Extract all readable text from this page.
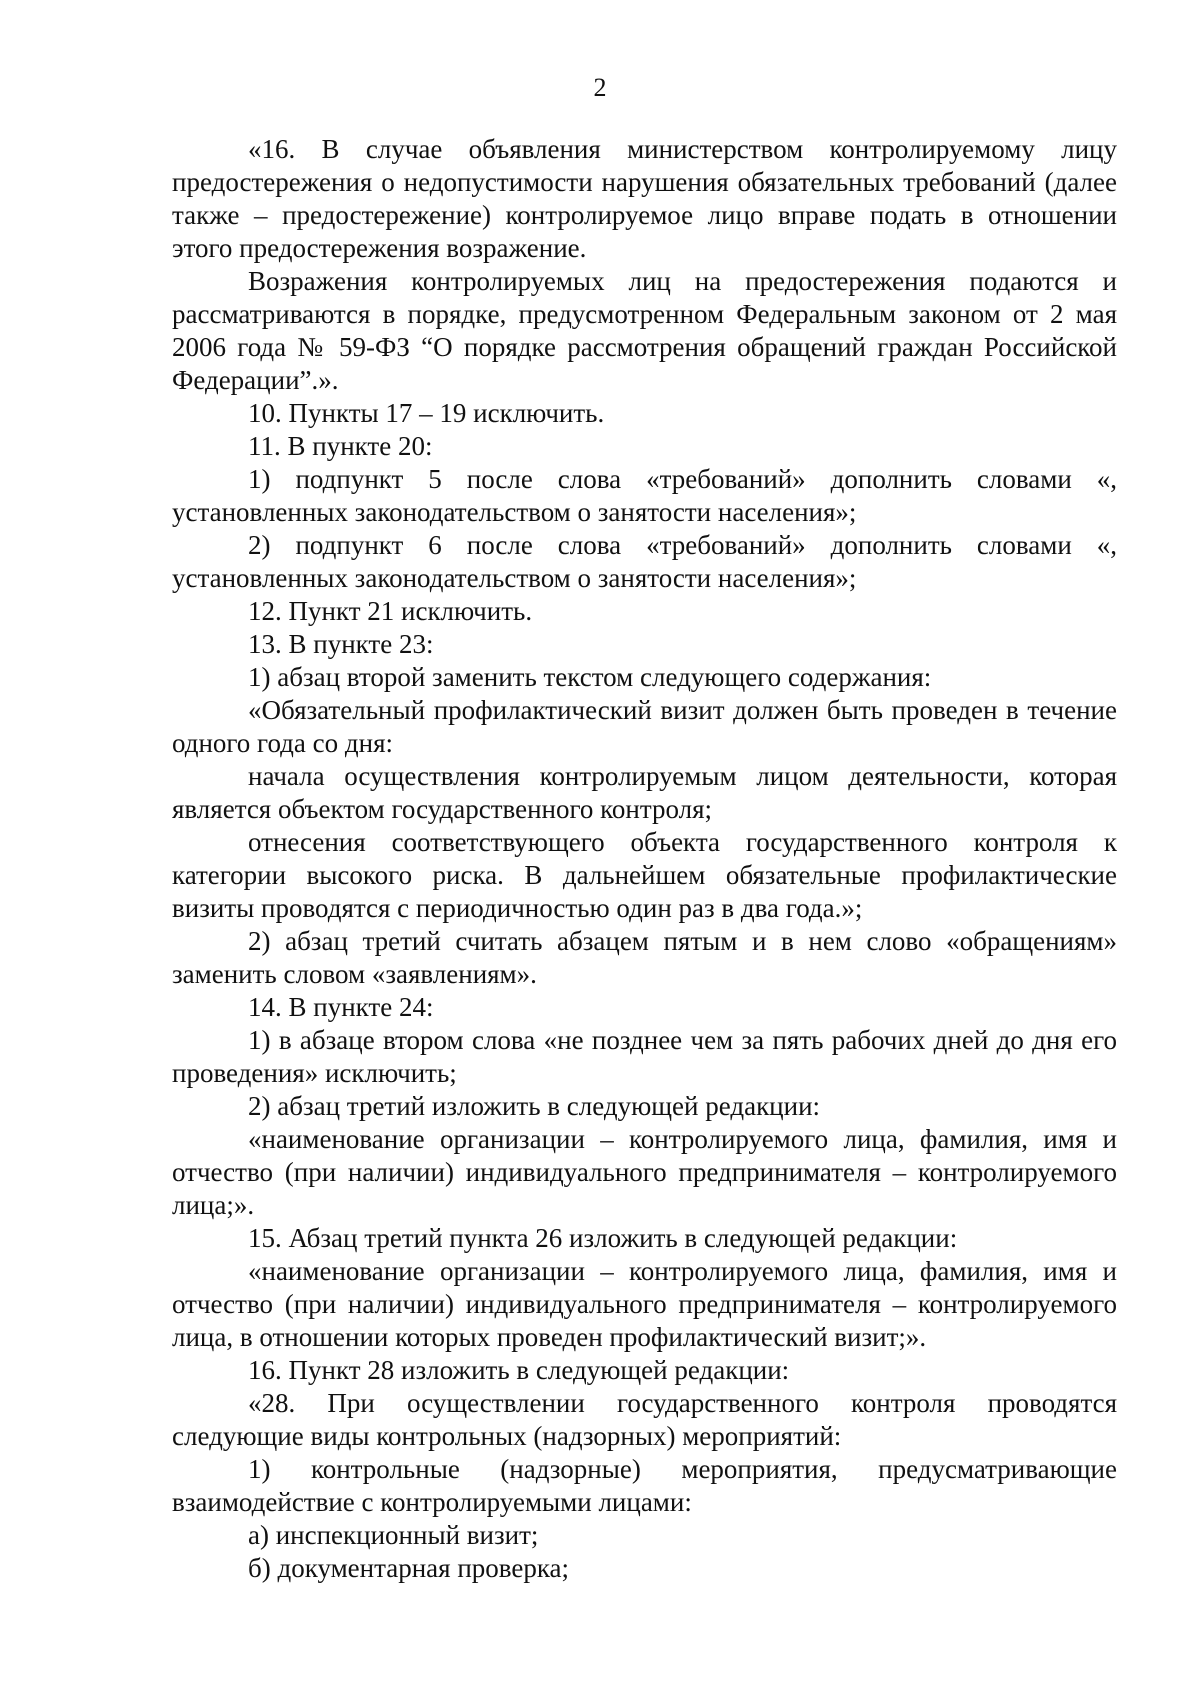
2

«16. В случае объявления министерством контролируемому лицу предостережения о недопустимости нарушения обязательных требований (далее также – предостережение) контролируемое лицо вправе подать в отношении этого предостережения возражение.

Возражения контролируемых лиц на предостережения подаются и рассматриваются в порядке, предусмотренном Федеральным законом от 2 мая 2006 года № 59-ФЗ “О порядке рассмотрения обращений граждан Российской Федерации”.».

10. Пункты 17 – 19 исключить.

11. В пункте 20:

1) подпункт 5 после слова «требований» дополнить словами «, установленных законодательством о занятости населения»;

2) подпункт 6 после слова «требований» дополнить словами «, установленных законодательством о занятости населения»;

12. Пункт 21 исключить.

13. В пункте 23:

1) абзац второй заменить текстом следующего содержания:

«Обязательный профилактический визит должен быть проведен в течение одного года со дня:

начала осуществления контролируемым лицом деятельности, которая является объектом государственного контроля;

отнесения соответствующего объекта государственного контроля к категории высокого риска. В дальнейшем обязательные профилактические визиты проводятся с периодичностью один раз в два года.»;

2) абзац третий считать абзацем пятым и в нем слово «обращениям» заменить словом «заявлениям».

14. В пункте 24:

1) в абзаце втором слова «не позднее чем за пять рабочих дней до дня его проведения» исключить;

2) абзац третий изложить в следующей редакции:

«наименование организации – контролируемого лица, фамилия, имя и отчество (при наличии) индивидуального предпринимателя – контролируемого лица;».

15. Абзац третий пункта 26 изложить в следующей редакции:

«наименование организации – контролируемого лица, фамилия, имя и отчество (при наличии) индивидуального предпринимателя – контролируемого лица, в отношении которых проведен профилактический визит;».

16. Пункт 28 изложить в следующей редакции:

«28. При осуществлении государственного контроля проводятся следующие виды контрольных (надзорных) мероприятий:

1) контрольные (надзорные) мероприятия, предусматривающие взаимодействие с контролируемыми лицами:

а) инспекционный визит;

б) документарная проверка;
